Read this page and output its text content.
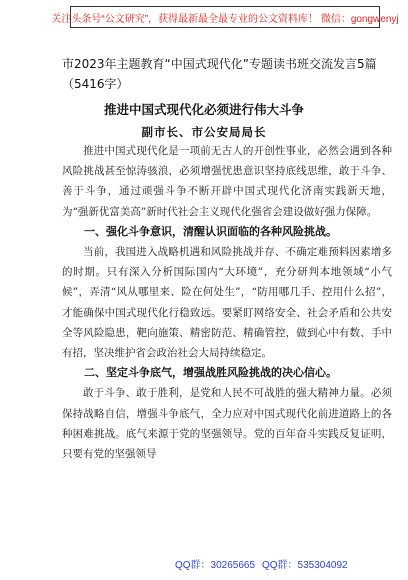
关注头条号“公文研究”，获得最新最全最专业的公文资料库！ 微信：gongwenyj
市2023年主题教育“中国式现代化”专题读书班交流发言5篇（5416字）
推进中国式现代化必须进行伟大斗争
副市长、市公安局局长

推进中国式现代化是一项前无古人的开创性事业，必然会遇到各种风险挑战甚至惊涛骇浪，必须增强忧患意识坚持底线思维，敢于斗争、善于斗争，通过顽强斗争不断开辟中国式现代化济南实践新天地，为“强新优富美高”新时代社会主义现代化强省会建设做好强力保障。

一、强化斗争意识，清醒认识面临的各种风险挑战。

当前，我国进入战略机遇和风险挑战并存、不确定难预料因素增多的时期。只有深入分析国际国内“大环境”，充分研判本地领域“小气候”，弄清“风从哪里来、险在何处生”，“防用哪几手、控用什么招”，才能确保中国式现代化行稳致远。要紧盯网络安全、社会矛盾和公共安全等风险隐患，靶向施策、精密防范、精确管控，做到心中有数、手中有招，坚决维护省会政治社会大局持续稳定。

二、坚定斗争底气，增强战胜风险挑战的决心信心。

敢于斗争、敢于胜利，是党和人民不可战胜的强大精神力量。必须保持战略自信，增强斗争底气，全力应对中国式现代化前进道路上的各种困难挑战。底气来源于党的坚强领导。党的百年奋斗实践反复证明，只要有党的坚强领导

QQ群：30265665 QQ群：535304092
